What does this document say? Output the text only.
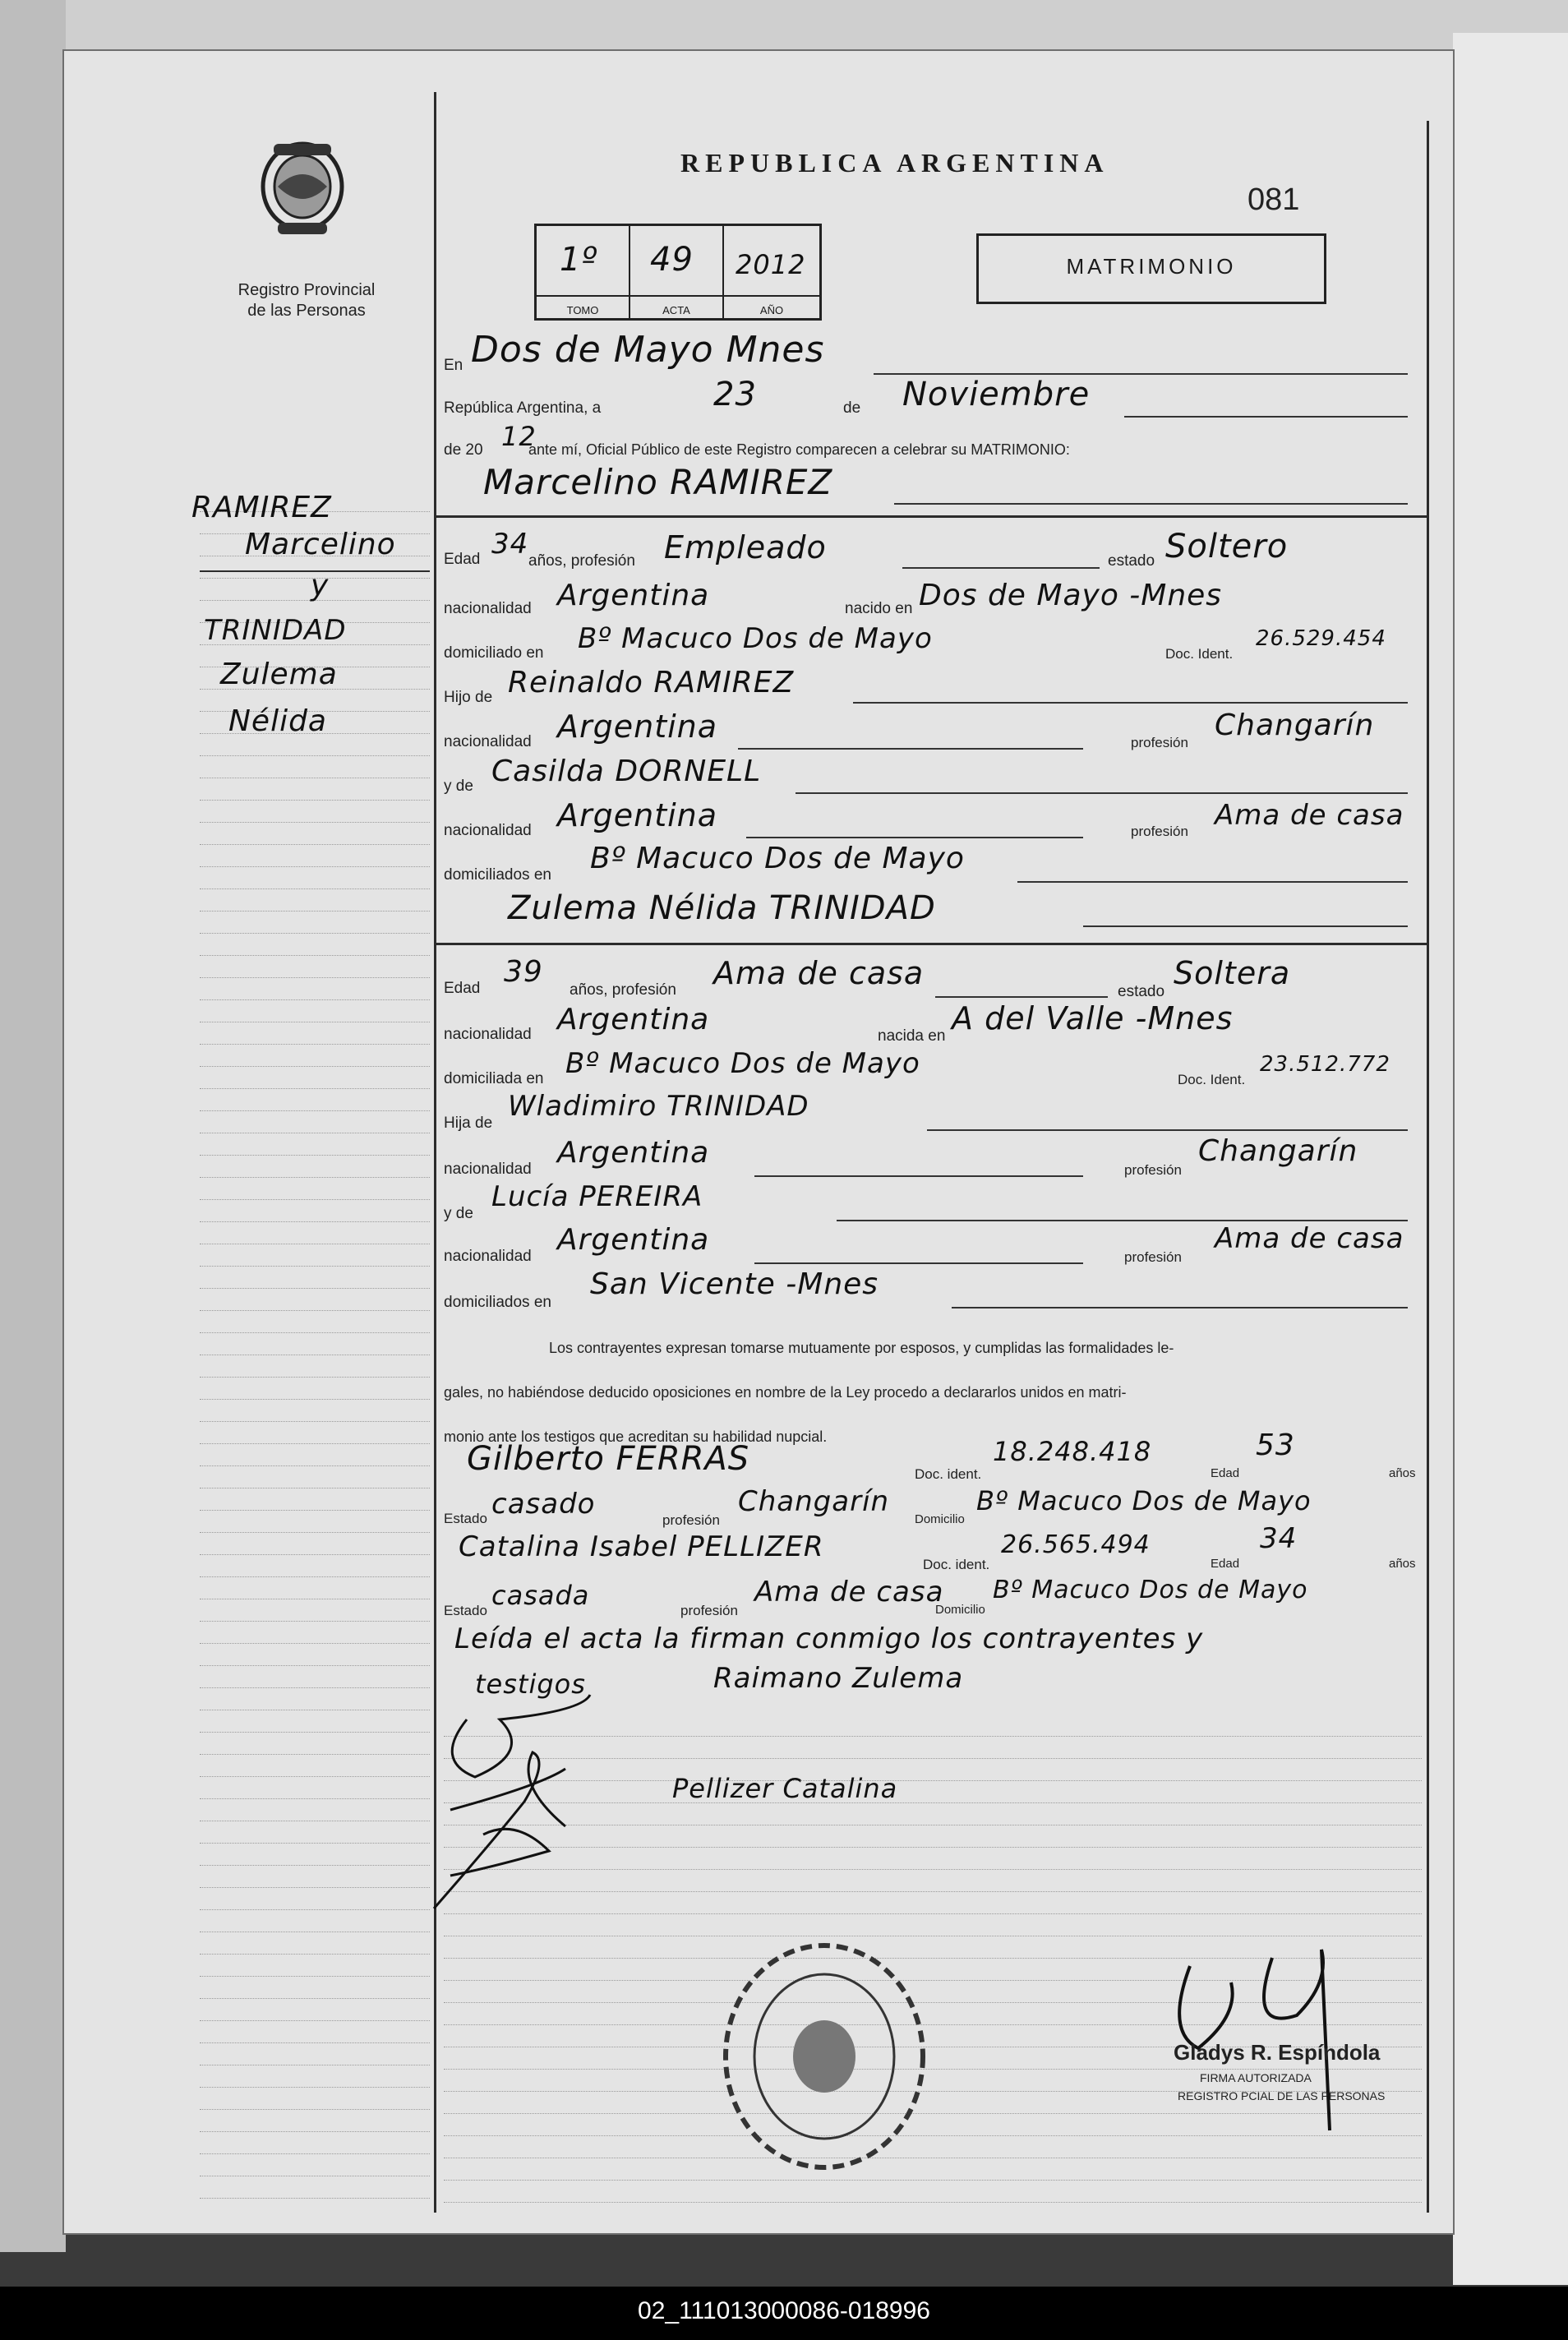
Registro Provincial
de las Personas
REPUBLICA ARGENTINA
081
1º
TOMO
49
ACTA
2012
AÑO
MATRIMONIO
RAMIREZ
Marcelino
y
TRINIDAD
Zulema
Nélida
En Dos de Mayo Mnes
República Argentina, a	23	de Noviembre
de 20 12
ante mí, Oficial Público de este Registro comparecen a celebrar su MATRIMONIO:
Marcelino RAMIREZ
Edad 34
años, profesión Empleado	estado Soltero
nacionalidad Argentina	nacido en Dos de Mayo -Mnes
domiciliado en Bº Macuco Dos de Mayo	Doc. Ident.
26.529.454
Hijo de Reinaldo RAMIREZ
nacionalidad Argentina	profesión
Changarín
y de Casilda DORNELL
nacionalidad Argentina	profesión Ama de casa
domiciliados en Bº Macuco Dos de Mayo
Zulema Nélida TRINIDAD
Edad 39
años, profesión Ama de casa
estado
Soltera
nacionalidad Argentina	nacida en A del Valle -Mnes
domiciliada en Bº Macuco Dos de Mayo	Doc. Ident.
23.512.772
Hija de
Wladimiro TRINIDAD
nacionalidad Argentina
profesión
Changarín
y de
Lucía PEREIRA
nacionalidad Argentina
profesión
Ama de casa
domiciliados en
San Vicente -Mnes
Los contrayentes expresan tomarse mutuamente por esposos, y cumplidas las formalidades le-
gales, no habiéndose deducido oposiciones en nombre de la Ley procedo a declararlos unidos en matri-
monio ante los testigos que acreditan su habilidad nupcial.
Gilberto FERRAS	Doc. ident.
18.248.418
Edad
53
años
Estado casado	profesión
Changarín
Domicilio
Bº Macuco Dos de Mayo
Catalina Isabel PELLIZER
Doc. ident.
26.565.494
Edad
34
años
Estado casada	profesión
Ama de casa
Domicilio
Bº Macuco Dos de Mayo
Leída el acta la firman conmigo los contrayentes y
testigos	Raimano Zulema
Pellizer Catalina
Gladys R. Espíndola
FIRMA AUTORIZADA
REGISTRO PCIAL DE LAS PERSONAS
02_111013000086-018996
